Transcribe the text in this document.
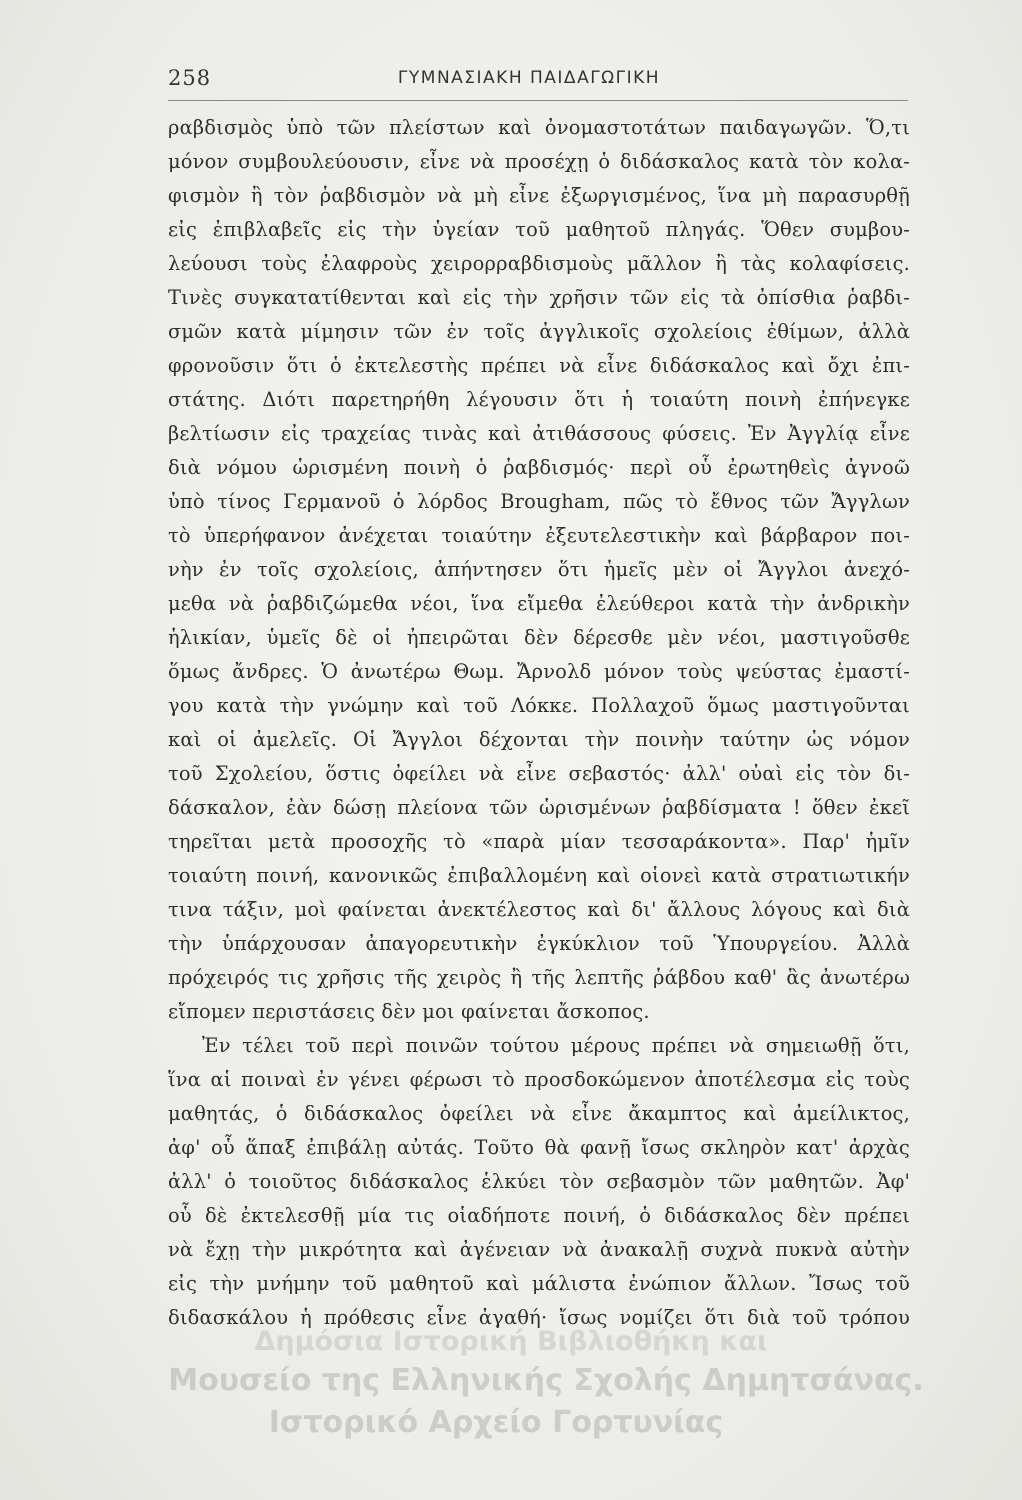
258	ΓΥΜΝΑΣΙΑΚΗ ΠΑΙΔΑΓΩΓΙΚΗ
ραβδισμὸς ὑπὸ τῶν πλείστων καὶ ὀνομαστοτάτων παιδαγωγῶν. Ὅ,τι
μόνον συμβουλεύουσιν, εἶνε νὰ προσέχῃ ὁ διδάσκαλος κατὰ τὸν κολα-
φισμὸν ἢ τὸν ῥαβδισμὸν νὰ μὴ εἶνε ἐξωργισμένος, ἵνα μὴ παρασυρθῇ
εἰς ἐπιβλαβεῖς εἰς τὴν ὑγείαν τοῦ μαθητοῦ πληγάς. Ὅθεν συμβου-
λεύουσι τοὺς ἐλαφροὺς χειρορραβδισμοὺς μᾶλλον ἢ τὰς κολαφίσεις.
Τινὲς συγκατατίθενται καὶ εἰς τὴν χρῆσιν τῶν εἰς τὰ ὀπίσθια ῥαβδι-
σμῶν κατὰ μίμησιν τῶν ἐν τοῖς ἀγγλικοῖς σχολείοις ἐθίμων, ἀλλὰ
φρονοῦσιν ὅτι ὁ ἐκτελεστὴς πρέπει νὰ εἶνε διδάσκαλος καὶ ὄχι ἐπι-
στάτης. Διότι παρετηρήθη λέγουσιν ὅτι ἡ τοιαύτη ποινὴ ἐπήνεγκε
βελτίωσιν εἰς τραχείας τινὰς καὶ ἀτιθάσσους φύσεις. Ἐν Ἀγγλίᾳ εἶνε
διὰ νόμου ὡρισμένη ποινὴ ὁ ῥαβδισμός· περὶ οὗ ἐρωτηθεὶς ἀγνοῶ
ὑπὸ τίνος Γερμανοῦ ὁ λόρδος Brougham, πῶς τὸ ἔθνος τῶν Ἄγγλων
τὸ ὑπερήφανον ἀνέχεται τοιαύτην ἐξευτελεστικὴν καὶ βάρβαρον ποι-
νὴν ἐν τοῖς σχολείοις, ἀπήντησεν ὅτι ἡμεῖς μὲν οἱ Ἄγγλοι ἀνεχό-
μεθα νὰ ῥαβδιζώμεθα νέοι, ἵνα εἴμεθα ἐλεύθεροι κατὰ τὴν ἀνδρικὴν
ἡλικίαν, ὑμεῖς δὲ οἱ ἠπειρῶται δὲν δέρεσθε μὲν νέοι, μαστιγοῦσθε
ὅμως ἄνδρες. Ὁ ἀνωτέρω Θωμ. Ἄρνολδ μόνον τοὺς ψεύστας ἐμαστί-
γου κατὰ τὴν γνώμην καὶ τοῦ Λόκκε. Πολλαχοῦ ὅμως μαστιγοῦνται
καὶ οἱ ἀμελεῖς. Οἱ Ἄγγλοι δέχονται τὴν ποινὴν ταύτην ὡς νόμον
τοῦ Σχολείου, ὅστις ὀφείλει νὰ εἶνε σεβαστός· ἀλλ' οὐαὶ εἰς τὸν δι-
δάσκαλον, ἐὰν δώσῃ πλείονα τῶν ὡρισμένων ῥαβδίσματα ! ὅθεν ἐκεῖ
τηρεῖται μετὰ προσοχῆς τὸ «παρὰ μίαν τεσσαράκοντα». Παρ' ἡμῖν
τοιαύτη ποινή, κανονικῶς ἐπιβαλλομένη καὶ οἱονεὶ κατὰ στρατιωτικήν
τινα τάξιν, μοὶ φαίνεται ἀνεκτέλεστος καὶ δι' ἄλλους λόγους καὶ διὰ
τὴν ὑπάρχουσαν ἀπαγορευτικὴν ἐγκύκλιον τοῦ Ὑπουργείου. Ἀλλὰ
πρόχειρός τις χρῆσις τῆς χειρὸς ἢ τῆς λεπτῆς ῥάβδου καθ' ἃς ἀνωτέρω
εἴπομεν περιστάσεις δὲν μοι φαίνεται ἄσκοπος.
Ἐν τέλει τοῦ περὶ ποινῶν τούτου μέρους πρέπει νὰ σημειωθῇ ὅτι,
ἵνα αἱ ποιναὶ ἐν γένει φέρωσι τὸ προσδοκώμενον ἀποτέλεσμα εἰς τοὺς
μαθητάς, ὁ διδάσκαλος ὀφείλει νὰ εἶνε ἄκαμπτος καὶ ἀμείλικτος,
ἀφ' οὗ ἅπαξ ἐπιβάλῃ αὐτάς. Τοῦτο θὰ φανῇ ἴσως σκληρὸν κατ' ἀρχὰς
ἀλλ' ὁ τοιοῦτος διδάσκαλος ἑλκύει τὸν σεβασμὸν τῶν μαθητῶν. Ἀφ'
οὗ δὲ ἐκτελεσθῇ μία τις οἱαδήποτε ποινή, ὁ διδάσκαλος δὲν πρέπει
νὰ ἔχῃ τὴν μικρότητα καὶ ἀγένειαν νὰ ἀνακαλῇ συχνὰ πυκνὰ αὐτὴν
εἰς τὴν μνήμην τοῦ μαθητοῦ καὶ μάλιστα ἐνώπιον ἄλλων. Ἴσως τοῦ
διδασκάλου ἡ πρόθεσις εἶνε ἀγαθή· ἴσως νομίζει ὅτι διὰ τοῦ τρόπου
Δημόσια Ιστορική Βιβλιοθήκη και
Μουσείο της Ελληνικής Σχολής Δημητσάνας.
Ιστορικό Αρχείο Γορτυνίας
